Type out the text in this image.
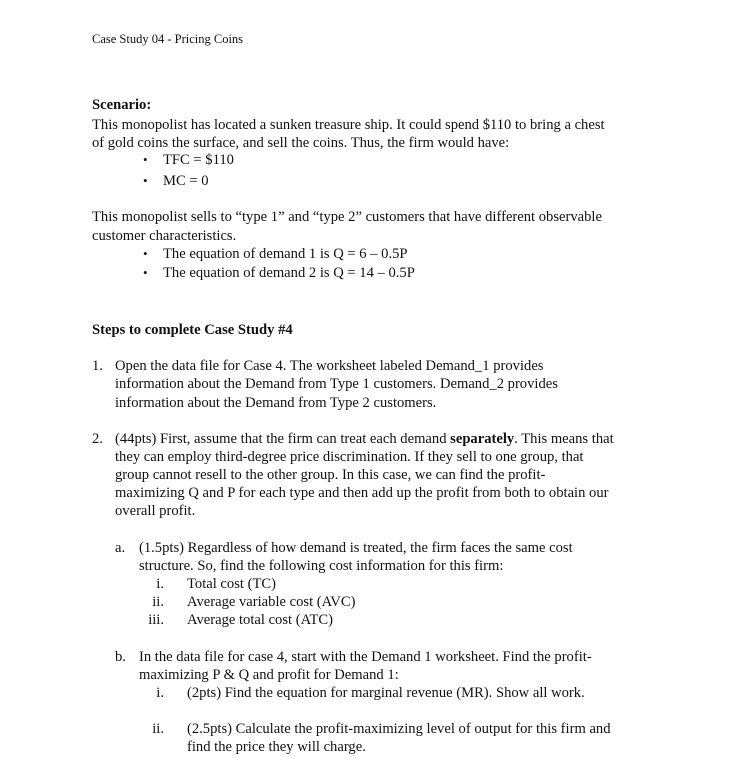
Case Study 04 - Pricing Coins
Scenario:
This monopolist has located a sunken treasure ship. It could spend $110 to bring a chest
of gold coins the surface, and sell the coins. Thus, the firm would have:
• TFC = $110
• MC = 0
This monopolist sells to “type 1” and “type 2” customers that have different observable
customer characteristics.
• The equation of demand 1 is Q = 6 – 0.5P
• The equation of demand 2 is Q = 14 – 0.5P
Steps to complete Case Study #4
1. Open the data file for Case 4. The worksheet labeled Demand_1 provides
information about the Demand from Type 1 customers. Demand_2 provides
information about the Demand from Type 2 customers.
2. (44pts) First, assume that the firm can treat each demand separately. This means that
they can employ third-degree price discrimination. If they sell to one group, that
group cannot resell to the other group. In this case, we can find the profit-
maximizing Q and P for each type and then add up the profit from both to obtain our
overall profit.
a. (1.5pts) Regardless of how demand is treated, the firm faces the same cost
structure. So, find the following cost information for this firm:
i. Total cost (TC)
ii. Average variable cost (AVC)
iii. Average total cost (ATC)
b. In the data file for case 4, start with the Demand 1 worksheet. Find the profit-
maximizing P & Q and profit for Demand 1:
i. (2pts) Find the equation for marginal revenue (MR). Show all work.
ii. (2.5pts) Calculate the profit-maximizing level of output for this firm and
find the price they will charge.
